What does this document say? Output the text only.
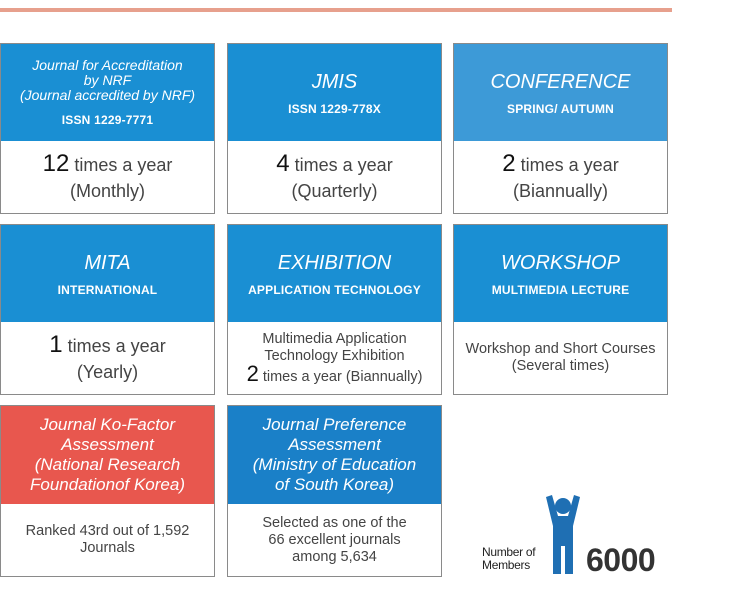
Journal for Accreditation
by NRF
(Journal accredited by NRF)
ISSN 1229-7771
12 times a year
(Monthly)
JMIS
ISSN 1229-778X
4 times a year
(Quarterly)
CONFERENCE
SPRING/ AUTUMN
2 times a year
(Biannually)
MITA
INTERNATIONAL
1 times a year
(Yearly)
EXHIBITION
APPLICATION TECHNOLOGY
Multimedia Application
Technology Exhibition
2 times a year (Biannually)
WORKSHOP
MULTIMEDIA LECTURE
Workshop and Short Courses
(Several times)
Journal Ko-Factor
Assessment
(National Research
Foundationof Korea)
Ranked 43rd out of 1,592
Journals
Journal Preference
Assessment
(Ministry of Education
of South Korea)
Selected as one of the
66 excellent journals
among 5,634	Number of
Members 6000
